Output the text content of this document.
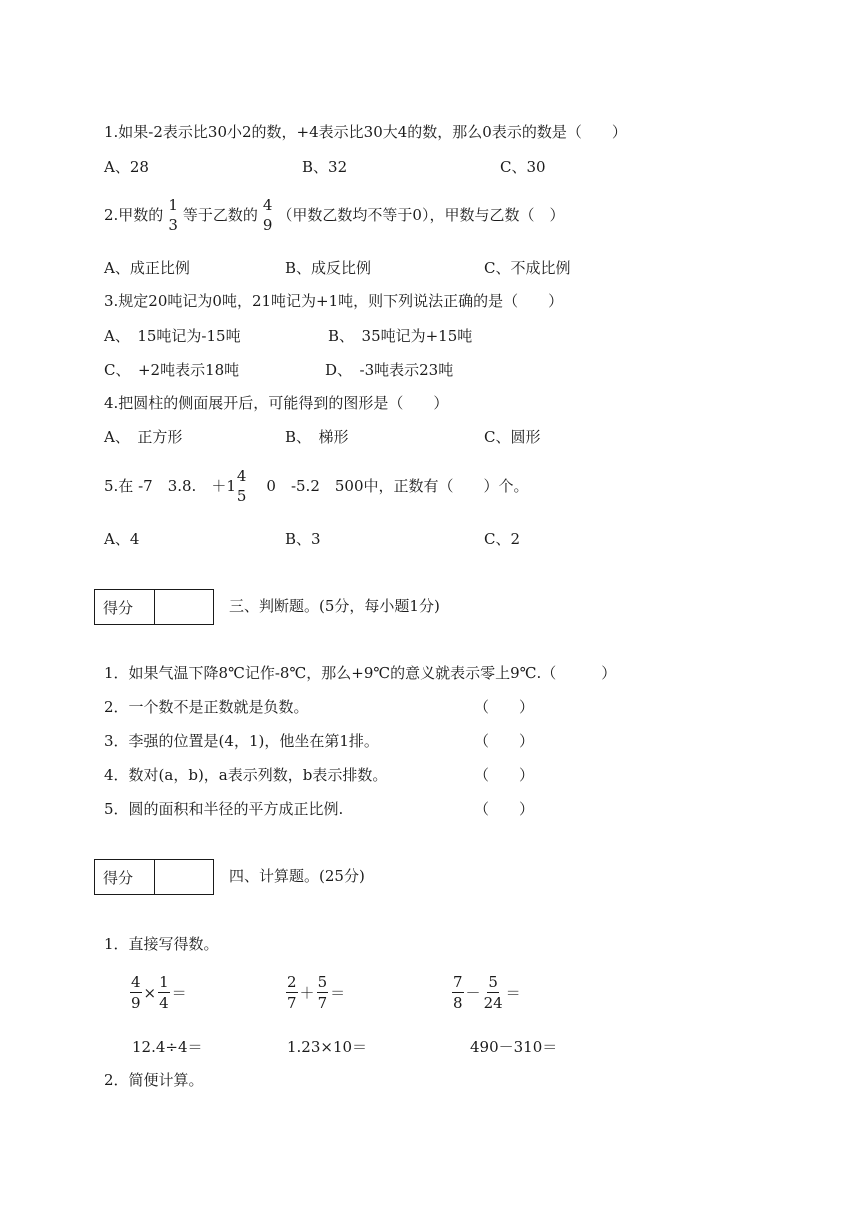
1.如果-2表示比30小2的数，+4表示比30大4的数，那么0表示的数是（　　）
A、28	B、32	C、30
2.甲数的
1
3
等于乙数的
4
9
（甲数乙数均不等于0），甲数与乙数（　）
A、成正比例	B、成反比例	C、不成比例
3.规定20吨记为0吨，21吨记为+1吨，则下列说法正确的是（　　）
A、　15吨记为-15吨	B、　35吨记为+15吨
C、　+2吨表示18吨	D、　-3吨表示23吨
4.把圆柱的侧面展开后，可能得到的图形是（　　）
A、　正方形	B、　梯形	C、圆形
5.在 -7　3.8.　＋1
4
5
　0　-5.2　500中，正数有（　　）个。
A、4	B、3	C、2
得分	三、判断题。(5分，每小题1分)
1．如果气温下降8℃记作-8℃，那么+9℃的意义就表示零上9℃.（　　　）
2．一个数不是正数就是负数。	（　　）
3．李强的位置是(4，1)，他坐在第1排。	（　　）
4．数对(a，b)，a表示列数，b表示排数。	（　　）
5．圆的面积和半径的平方成正比例.	（　　）
得分	四、计算题。(25分)
1．直接写得数。
$\frac{4}{9} \times \frac{1}{4}$ ＝	$\frac{2}{7} + \frac{5}{7}$ ＝	$\frac{7}{8} - \frac{5}{24}$ ＝
12.4÷4＝	1.23×10＝	490－310＝
2．简便计算。
